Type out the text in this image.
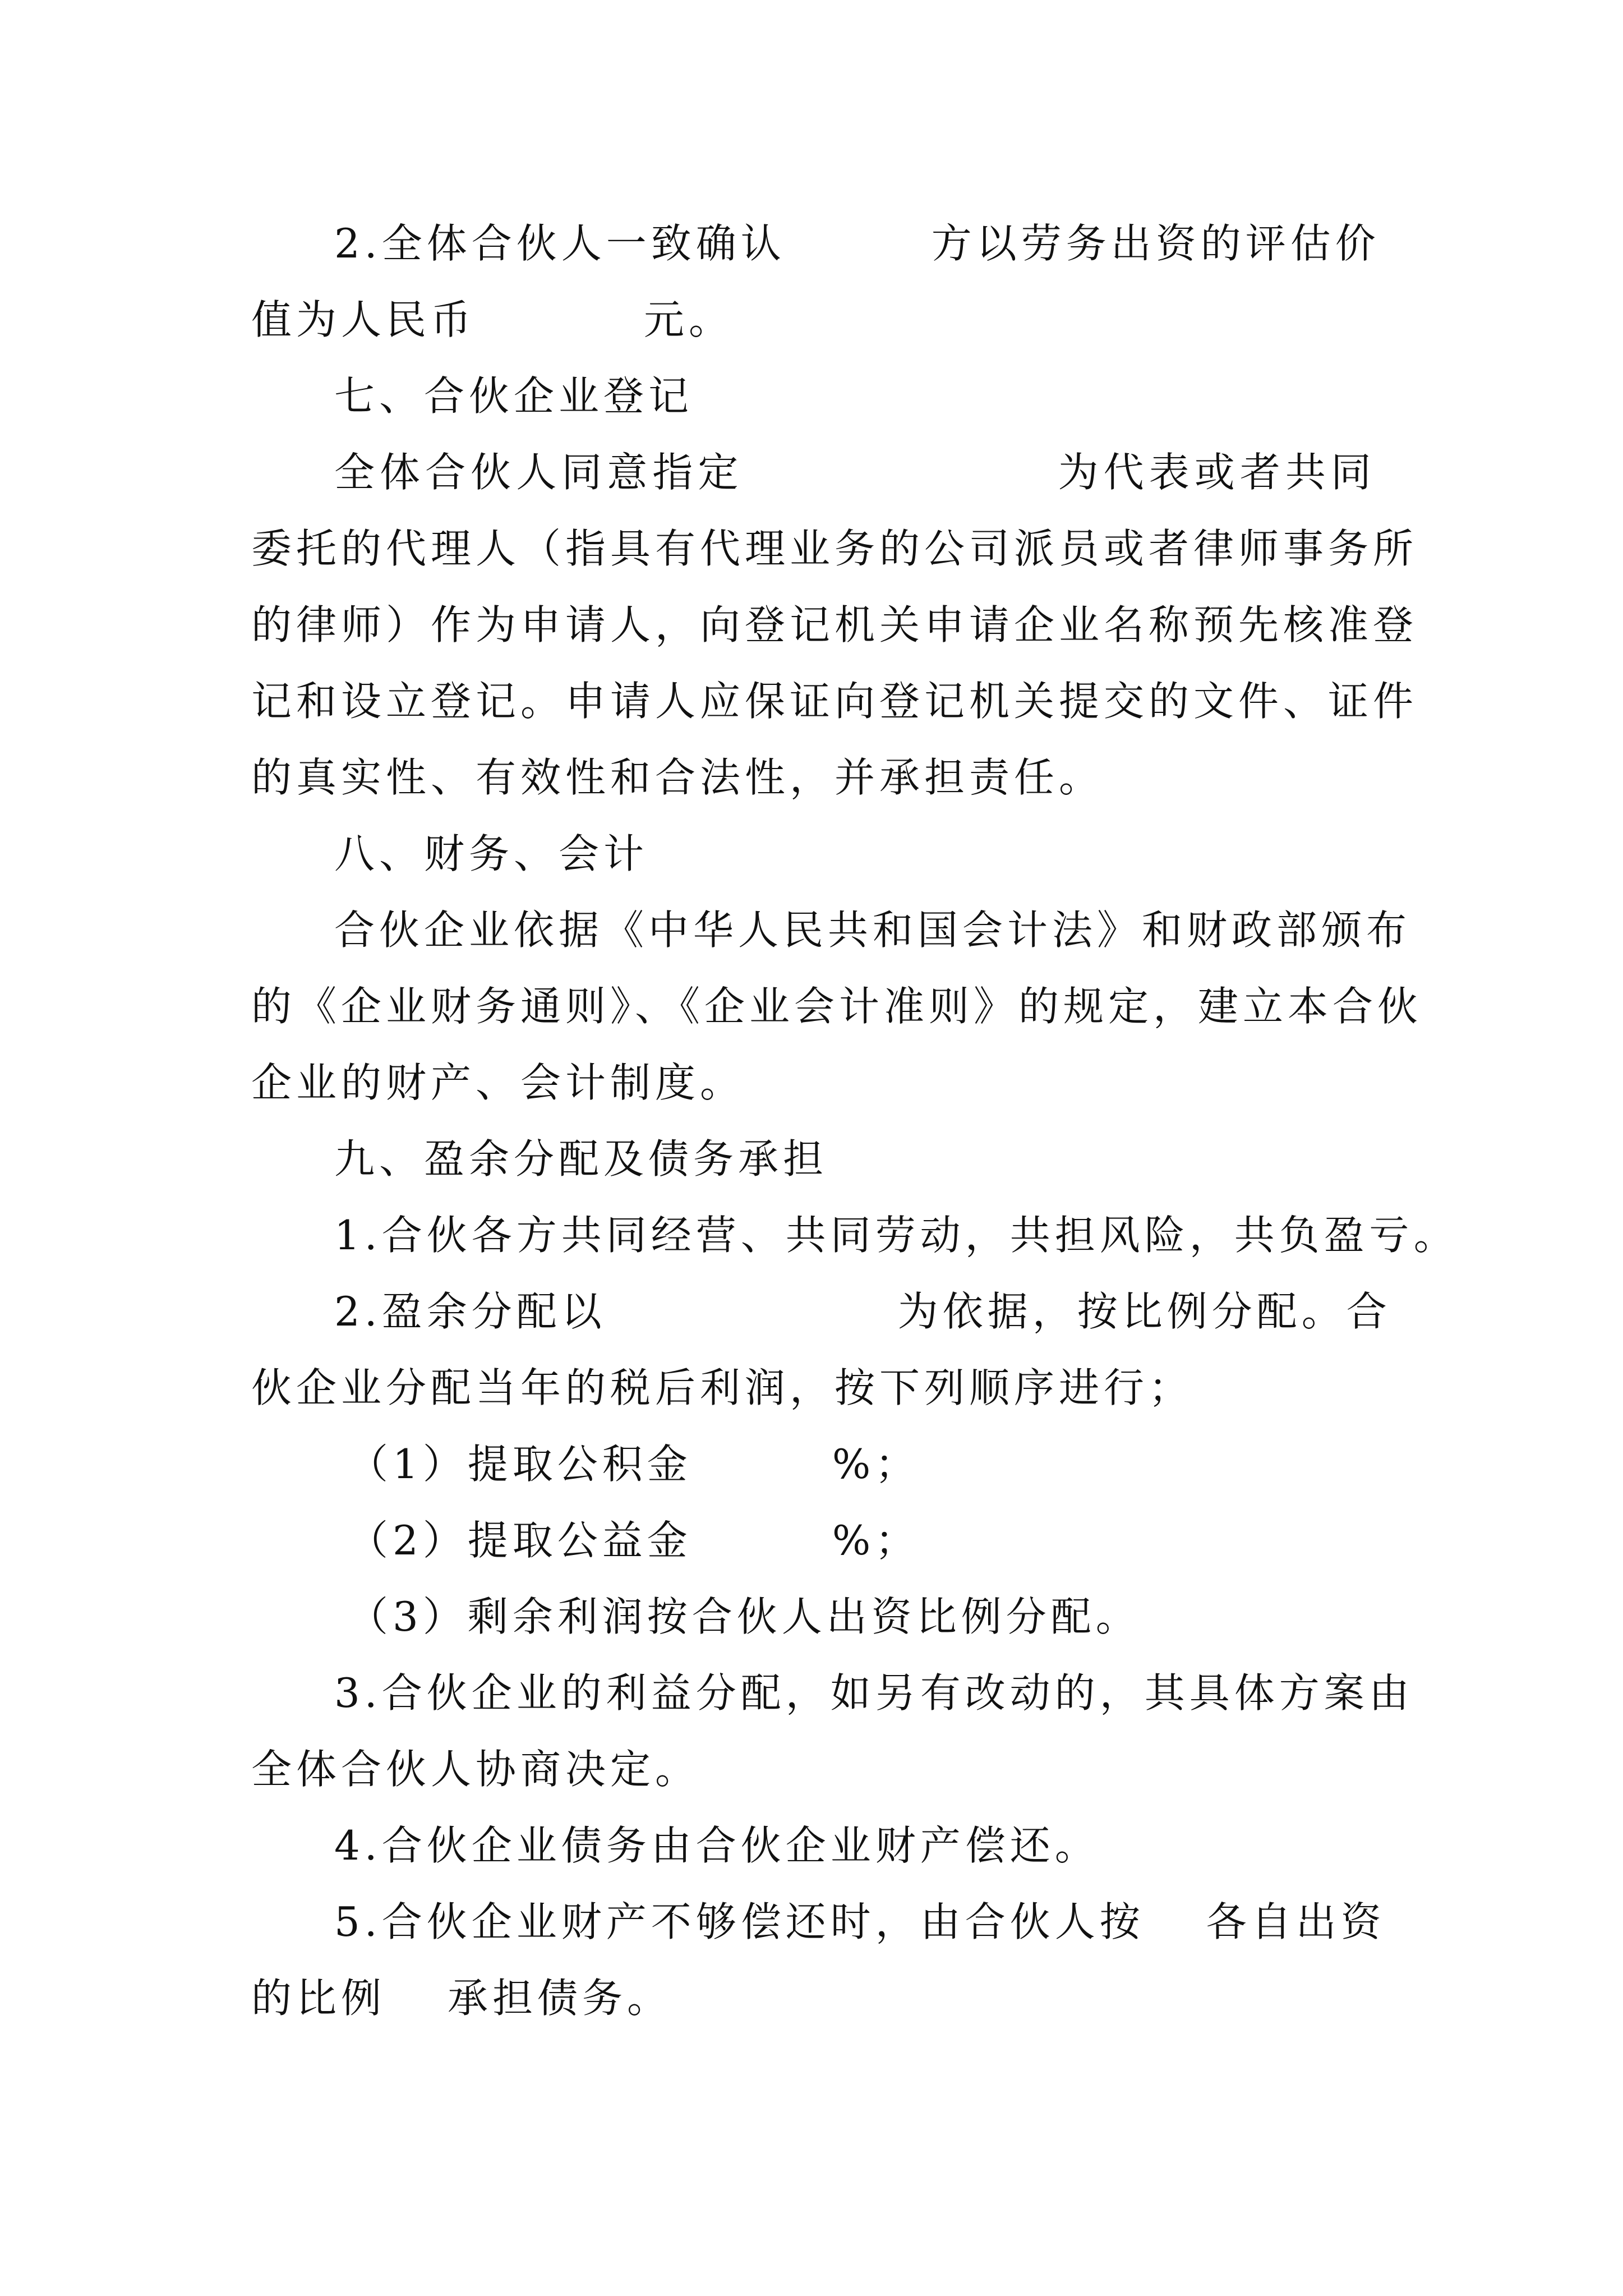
2.全体合伙人一致确认	方以劳务出资的评估价
值为人民币	元。
七、合伙企业登记
全体合伙人同意指定	为代表或者共同
委托的代理人（指具有代理业务的公司派员或者律师事务所
的律师）作为申请人，向登记机关申请企业名称预先核准登
记和设立登记。申请人应保证向登记机关提交的文件、证件
的真实性、有效性和合法性，并承担责任。
八、财务、会计
合伙企业依据《中华人民共和国会计法》和财政部颁布
的《企业财务通则》、《企业会计准则》的规定，建立本合伙
企业的财产、会计制度。
九、盈余分配及债务承担
1.合伙各方共同经营、共同劳动，共担风险，共负盈亏。
2.盈余分配以	为依据，按比例分配。合
伙企业分配当年的税后利润，按下列顺序进行；
（1）提取公积金	%；
（2）提取公益金	%；
（3）剩余利润按合伙人出资比例分配。
3.合伙企业的利益分配，如另有改动的，其具体方案由
全体合伙人协商决定。
4.合伙企业债务由合伙企业财产偿还。
5.合伙企业财产不够偿还时，由合伙人按 各自出资
的比例 承担债务。
